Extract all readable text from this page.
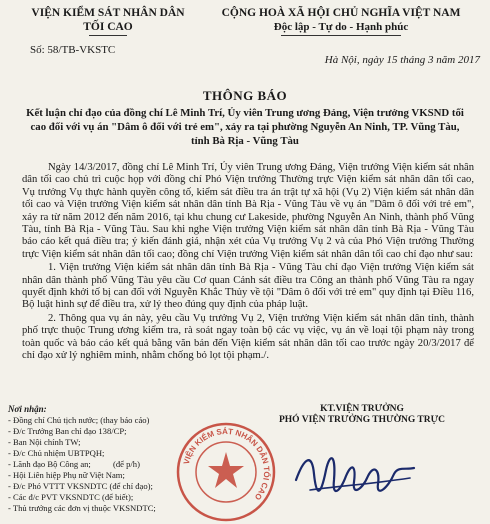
VIỆN KIỂM SÁT NHÂN DÂN
TỐI CAO
CỘNG HOÀ XÃ HỘI CHỦ NGHĨA VIỆT NAM
Độc lập - Tự do - Hạnh phúc
Số: 58/TB-VKSTC
Hà Nội, ngày 15 tháng 3 năm 2017
THÔNG BÁO
Kết luận chỉ đạo của đồng chí Lê Minh Trí, Ủy viên Trung ương Đảng, Viện trưởng VKSND tối cao đối với vụ án "Dâm ô đối với trẻ em", xảy ra tại phường Nguyễn An Ninh, TP. Vũng Tàu, tỉnh Bà Rịa - Vũng Tàu

Ngày 14/3/2017, đồng chí Lê Minh Trí, Ủy viên Trung ương Đảng, Viện trưởng Viện kiểm sát nhân dân tối cao chủ trì cuộc họp với đồng chí Phó Viện trưởng Thường trực Viện kiểm sát nhân dân tối cao, Vụ trưởng Vụ thực hành quyền công tố, kiểm sát điều tra án trật tự xã hội (Vụ 2) Viện kiểm sát nhân dân tối cao và Viện trưởng Viện kiểm sát nhân dân tỉnh Bà Rịa - Vũng Tàu về vụ án "Dâm ô đối với trẻ em", xảy ra từ năm 2012 đến năm 2016, tại khu chung cư Lakeside, phường Nguyễn An Ninh, thành phố Vũng Tàu, tỉnh Bà Rịa - Vũng Tàu. Sau khi nghe Viện trưởng Viện kiểm sát nhân dân tỉnh Bà Rịa - Vũng Tàu báo cáo kết quả điều tra; ý kiến đánh giá, nhận xét của Vụ trưởng Vụ 2 và của Phó Viện trưởng Thường trực Viện kiểm sát nhân dân tối cao; đồng chí Viện trưởng Viện kiểm sát nhân dân tối cao chỉ đạo như sau:

1. Viện trưởng Viện kiểm sát nhân dân tỉnh Bà Rịa - Vũng Tàu chỉ đạo Viện trưởng Viện kiểm sát nhân dân thành phố Vũng Tàu yêu cầu Cơ quan Cảnh sát điều tra Công an thành phố Vũng Tàu ra ngay quyết định khởi tố bị can đối với Nguyễn Khắc Thủy về tội "Dâm ô đối với trẻ em" quy định tại Điều 116, Bộ luật hình sự để điều tra, xử lý theo đúng quy định của pháp luật.

2. Thông qua vụ án này, yêu cầu Vụ trưởng Vụ 2, Viện trưởng Viện kiểm sát nhân dân tỉnh, thành phố trực thuộc Trung ương kiểm tra, rà soát ngay toàn bộ các vụ việc, vụ án về loại tội phạm này trong toàn quốc và báo cáo kết quả bằng văn bản đến Viện kiểm sát nhân dân tối cao trước ngày 20/3/2017 để chỉ đạo xử lý nghiêm minh, nhằm chống bỏ lọt tội phạm./.

Nơi nhận:
- Đồng chí Chủ tịch nước; (thay báo cáo)
- Đ/c Trưởng Ban chỉ đạo 138/CP;
- Ban Nội chính TW;
- Đ/c Chủ nhiệm UBTPQH;
- Lãnh đạo Bộ Công an;	(để p/h)
- Hội Liên hiệp Phụ nữ Việt Nam;
- Đ/c Phó VTTT VKSNDTC (để chỉ đạo);
- Các đ/c PVT VKSNDTC (để biết);
- Thủ trưởng các đơn vị thuộc VKSNDTC;
KT.VIỆN TRƯỞNG
PHÓ VIỆN TRƯỞNG THƯỜNG TRỰC
VIỆN KIỂM SÁT NHÂN DÂN TỐI CAO
